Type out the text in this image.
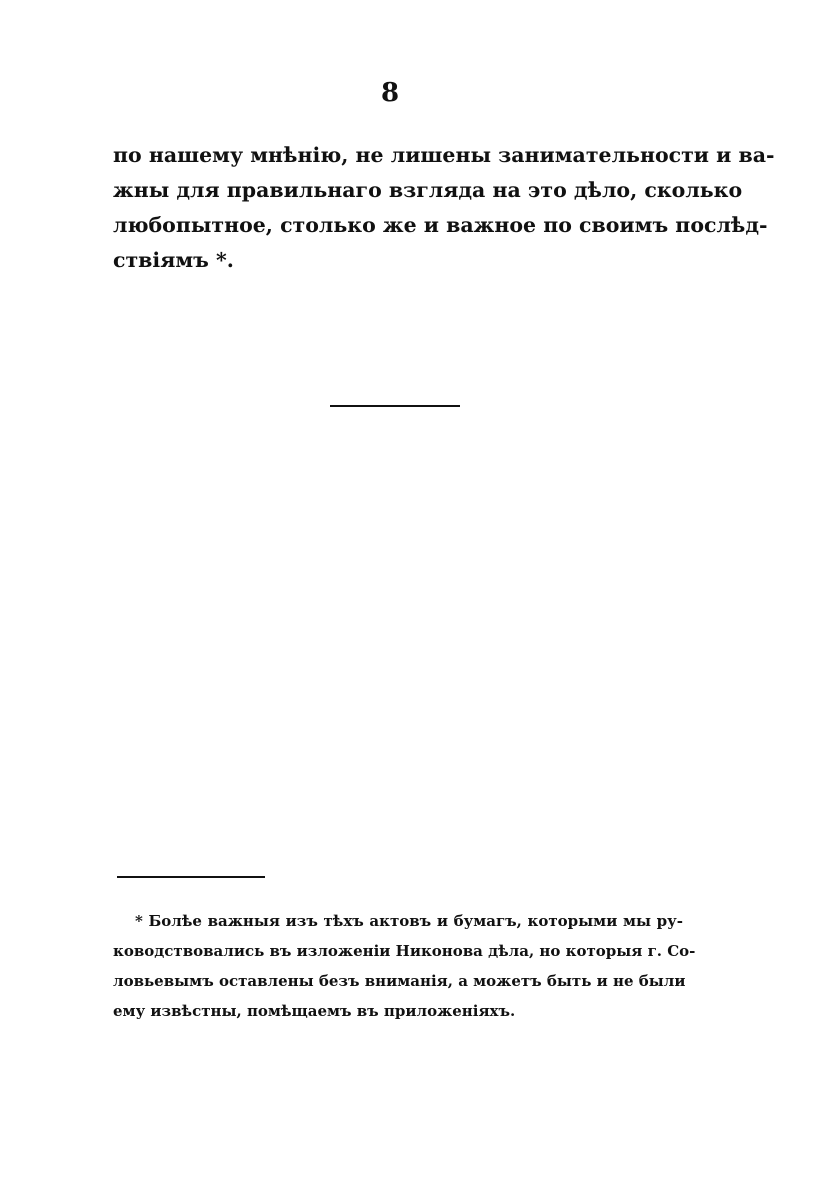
8
по нашему мнѣнію, не лишены занимательности и ва-
жны для правильнаго взгляда на это дѣло, сколько
любопытное, столько же и важное по своимъ послѣд-
ствіямъ *.
* Болѣе важныя изъ тѣхъ актовъ и бумагъ, которыми мы ру-
ководствовались въ изложеніи Никонова дѣла, но которыя г. Со-
ловьевымъ оставлены безъ вниманія, а можетъ быть и не были
ему извѣстны, помѣщаемъ въ приложеніяхъ.
